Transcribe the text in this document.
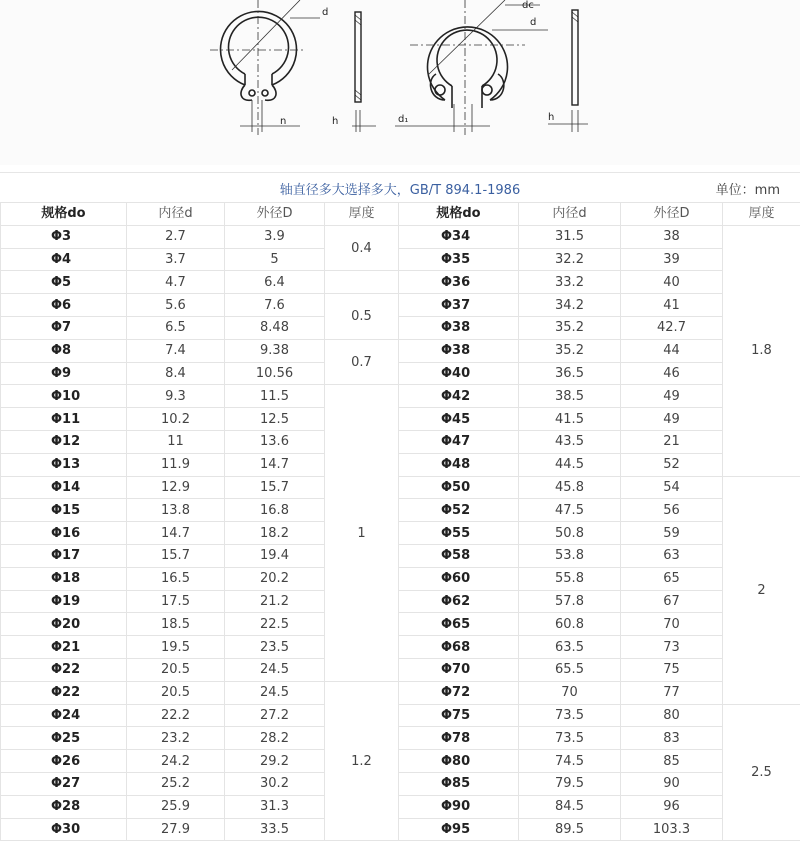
d
n	h
dc
d
d₁	h
轴直径多大选择多大，GB/T 894.1-1986	单位：mm
规格do	内径d	外径D	厚度	规格do	内径d	外径D	厚度
Φ3	2.7	3.9	0.4	Φ34	31.5	38	1.8
Φ4	3.7	5		Φ35	32.2	39	
Φ5	4.7	6.4		Φ36	33.2	40	
Φ6	5.6	7.6	0.5	Φ37	34.2	41	
Φ7	6.5	8.48		Φ38	35.2	42.7	
Φ8	7.4	9.38	0.7	Φ38	35.2	44	
Φ9	8.4	10.56		Φ40	36.5	46	
Φ10	9.3	11.5	1	Φ42	38.5	49	
Φ11	10.2	12.5		Φ45	41.5	49	
Φ12	11	13.6		Φ47	43.5	21	
Φ13	11.9	14.7		Φ48	44.5	52	
Φ14	12.9	15.7		Φ50	45.8	54	2
Φ15	13.8	16.8		Φ52	47.5	56	
Φ16	14.7	18.2		Φ55	50.8	59	
Φ17	15.7	19.4		Φ58	53.8	63	
Φ18	16.5	20.2		Φ60	55.8	65	
Φ19	17.5	21.2		Φ62	57.8	67	
Φ20	18.5	22.5		Φ65	60.8	70	
Φ21	19.5	23.5		Φ68	63.5	73	
Φ22	20.5	24.5		Φ70	65.5	75	
Φ22	20.5	24.5	1.2	Φ72	70	77	
Φ24	22.2	27.2		Φ75	73.5	80	2.5
Φ25	23.2	28.2		Φ78	73.5	83	
Φ26	24.2	29.2		Φ80	74.5	85	
Φ27	25.2	30.2		Φ85	79.5	90	
Φ28	25.9	31.3		Φ90	84.5	96	
Φ30	27.9	33.5		Φ95	89.5	103.3	
